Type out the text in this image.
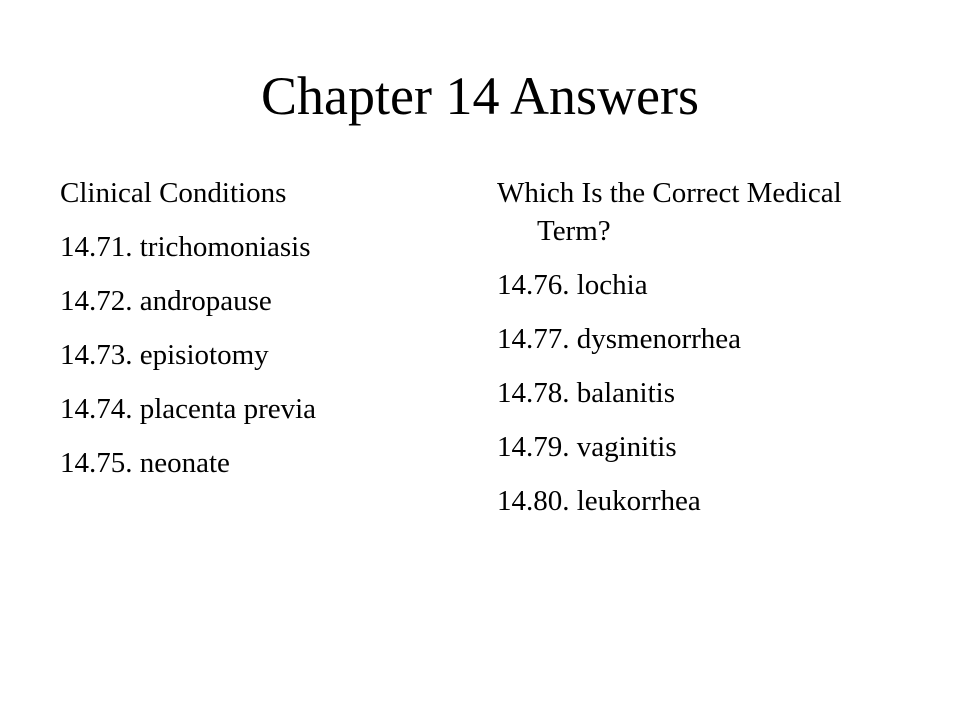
Chapter 14 Answers
Clinical Conditions
14.71. trichomoniasis
14.72. andropause
14.73. episiotomy
14.74. placenta previa
14.75. neonate
Which Is the Correct Medical Term?
14.76. lochia
14.77. dysmenorrhea
14.78. balanitis
14.79. vaginitis
14.80. leukorrhea
